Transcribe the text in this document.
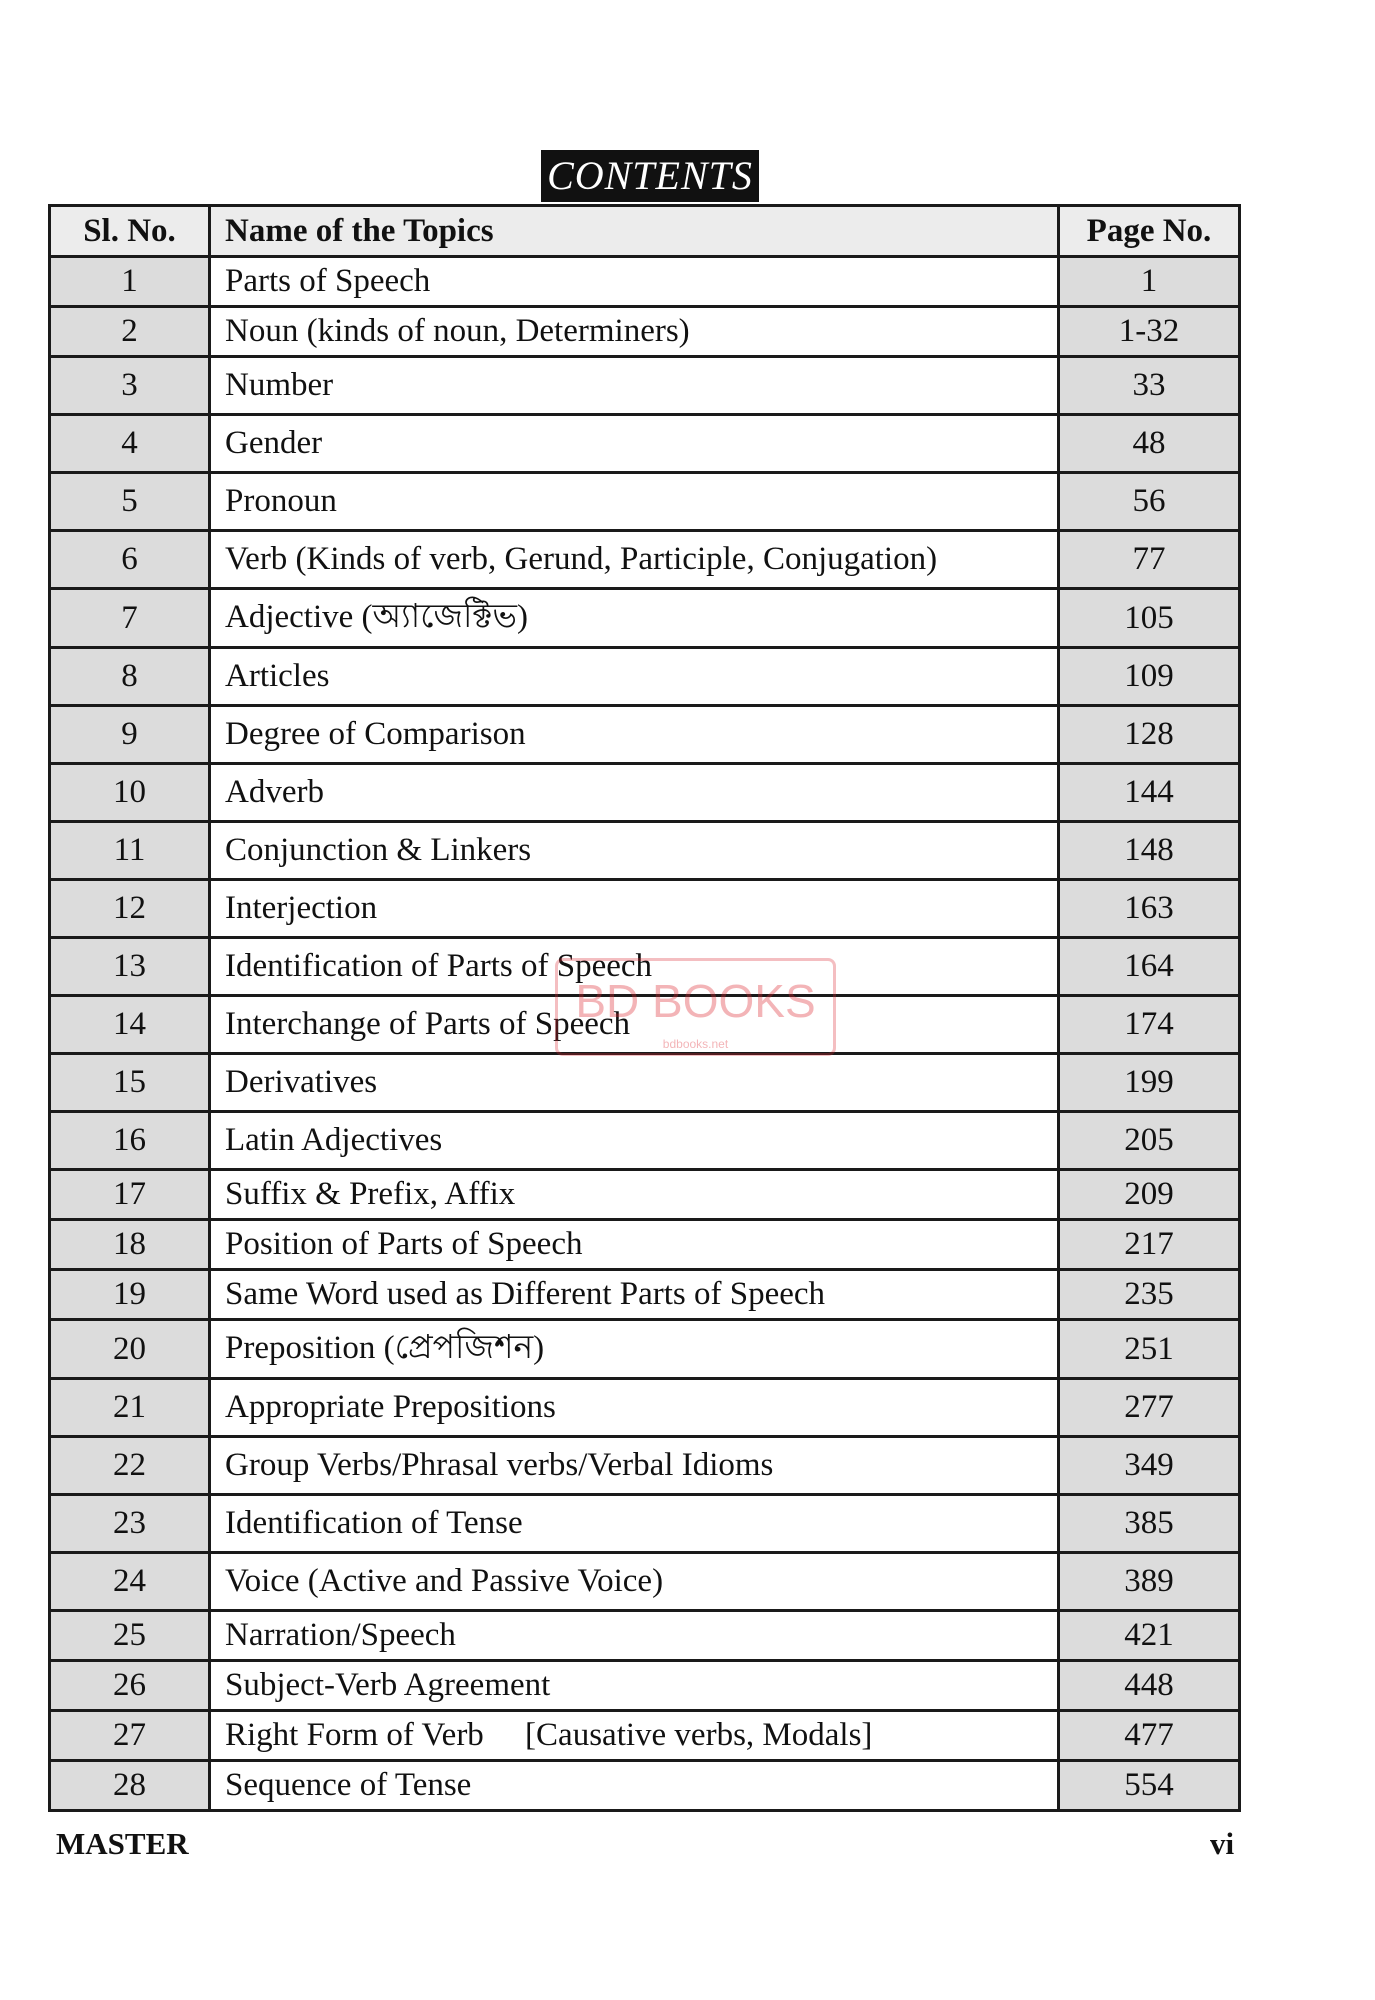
CONTENTS
Sl. No.	Name of the Topics	Page No.
1	Parts of Speech	1
2	Noun (kinds of noun, Determiners)	1-32
3	Number	33
4	Gender	48
5	Pronoun	56
6	Verb (Kinds of verb, Gerund, Participle, Conjugation)	77
7	Adjective (অ্যাজেক্টিভ)	105
8	Articles	109
9	Degree of Comparison	128
10	Adverb	144
11	Conjunction & Linkers	148
12	Interjection	163
13	Identification of Parts of Speech	164
14	Interchange of Parts of Speech	174
15	Derivatives	199
16	Latin Adjectives	205
17	Suffix & Prefix, Affix	209
18	Position of Parts of Speech	217
19	Same Word used as Different Parts of Speech	235
20	Preposition (প্রেপজিশন)	251
21	Appropriate Prepositions	277
22	Group Verbs/Phrasal verbs/Verbal Idioms	349
23	Identification of Tense	385
24	Voice (Active and Passive Voice)	389
25	Narration/Speech	421
26	Subject-Verb Agreement	448
27	Right Form of Verb     [Causative verbs, Modals]	477
28	Sequence of Tense	554
BD BOOKS
bdbooks.net
MASTER	vi
